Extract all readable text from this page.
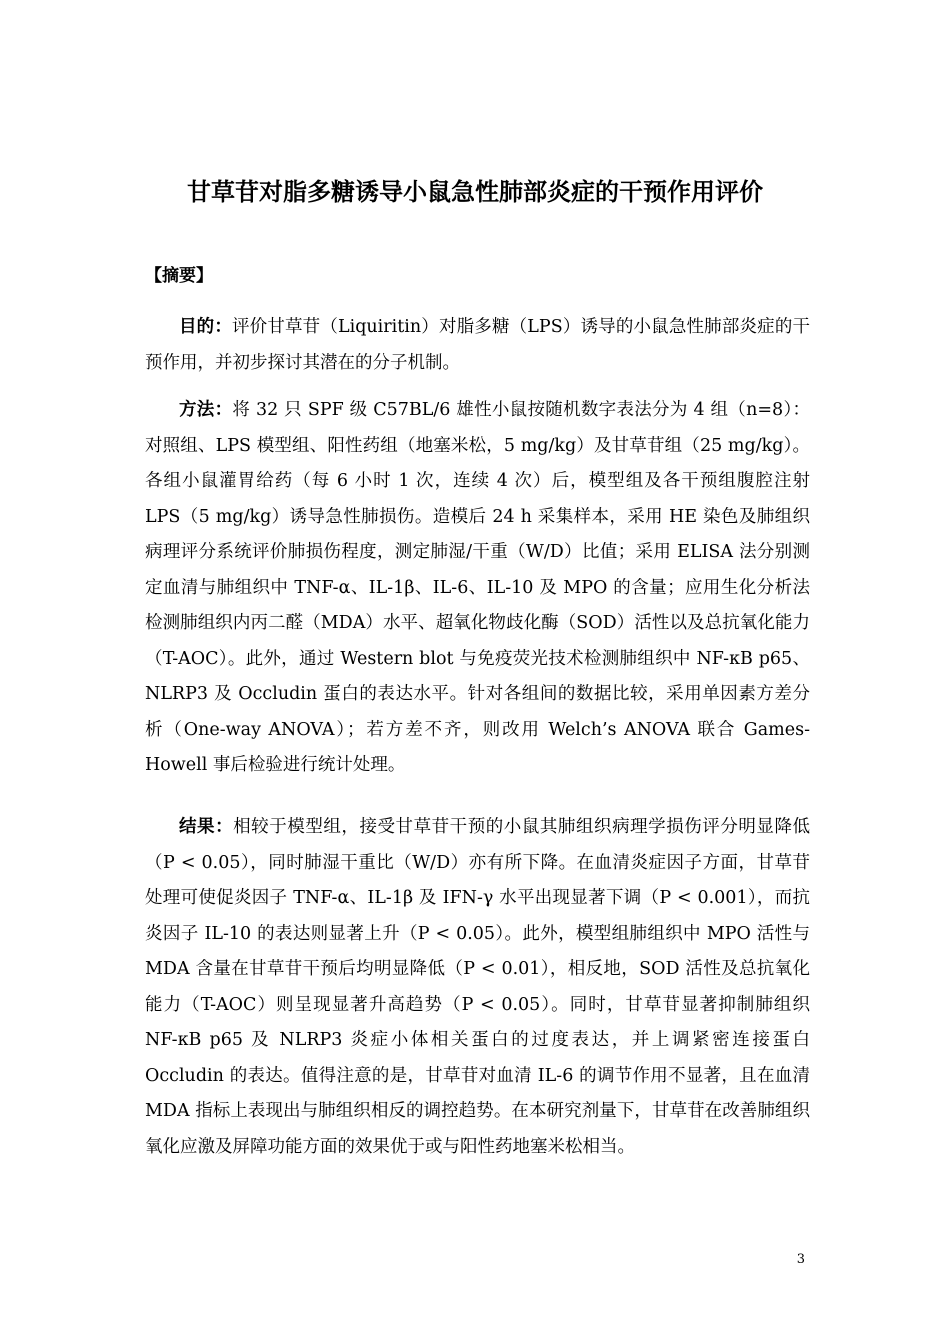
甘草苷对脂多糖诱导小鼠急性肺部炎症的干预作用评价
【摘要】

目的：评价甘草苷（Liquiritin）对脂多糖（LPS）诱导的小鼠急性肺部炎症的干预作用，并初步探讨其潜在的分子机制。

方法：将 32 只 SPF 级 C57BL/6 雄性小鼠按随机数字表法分为 4 组（n=8）：对照组、LPS 模型组、阳性药组（地塞米松，5 mg/kg）及甘草苷组（25 mg/kg）。各组小鼠灌胃给药（每 6 小时 1 次，连续 4 次）后，模型组及各干预组腹腔注射 LPS（5 mg/kg）诱导急性肺损伤。造模后 24 h 采集样本，采用 HE 染色及肺组织病理评分系统评价肺损伤程度，测定肺湿/干重（W/D）比值；采用 ELISA 法分别测定血清与肺组织中 TNF-α、IL-1β、IL-6、IL-10 及 MPO 的含量；应用生化分析法检测肺组织内丙二醛（MDA）水平、超氧化物歧化酶（SOD）活性以及总抗氧化能力（T-AOC）。此外，通过 Western blot 与免疫荧光技术检测肺组织中 NF-κB p65、NLRP3 及 Occludin 蛋白的表达水平。针对各组间的数据比较，采用单因素方差分析（One-way ANOVA）；若方差不齐，则改用 Welch’s ANOVA 联合 Games-Howell 事后检验进行统计处理。

结果：相较于模型组，接受甘草苷干预的小鼠其肺组织病理学损伤评分明显降低（P < 0.05），同时肺湿干重比（W/D）亦有所下降。在血清炎症因子方面，甘草苷处理可使促炎因子 TNF-α、IL-1β 及 IFN-γ 水平出现显著下调（P < 0.001），而抗炎因子 IL-10 的表达则显著上升（P < 0.05）。此外，模型组肺组织中 MPO 活性与 MDA 含量在甘草苷干预后均明显降低（P < 0.01），相反地，SOD 活性及总抗氧化能力（T-AOC）则呈现显著升高趋势（P < 0.05）。同时，甘草苷显著抑制肺组织 NF-κB p65 及 NLRP3 炎症小体相关蛋白的过度表达，并上调紧密连接蛋白 Occludin 的表达。值得注意的是，甘草苷对血清 IL-6 的调节作用不显著，且在血清 MDA 指标上表现出与肺组织相反的调控趋势。在本研究剂量下，甘草苷在改善肺组织氧化应激及屏障功能方面的效果优于或与阳性药地塞米松相当。

3
